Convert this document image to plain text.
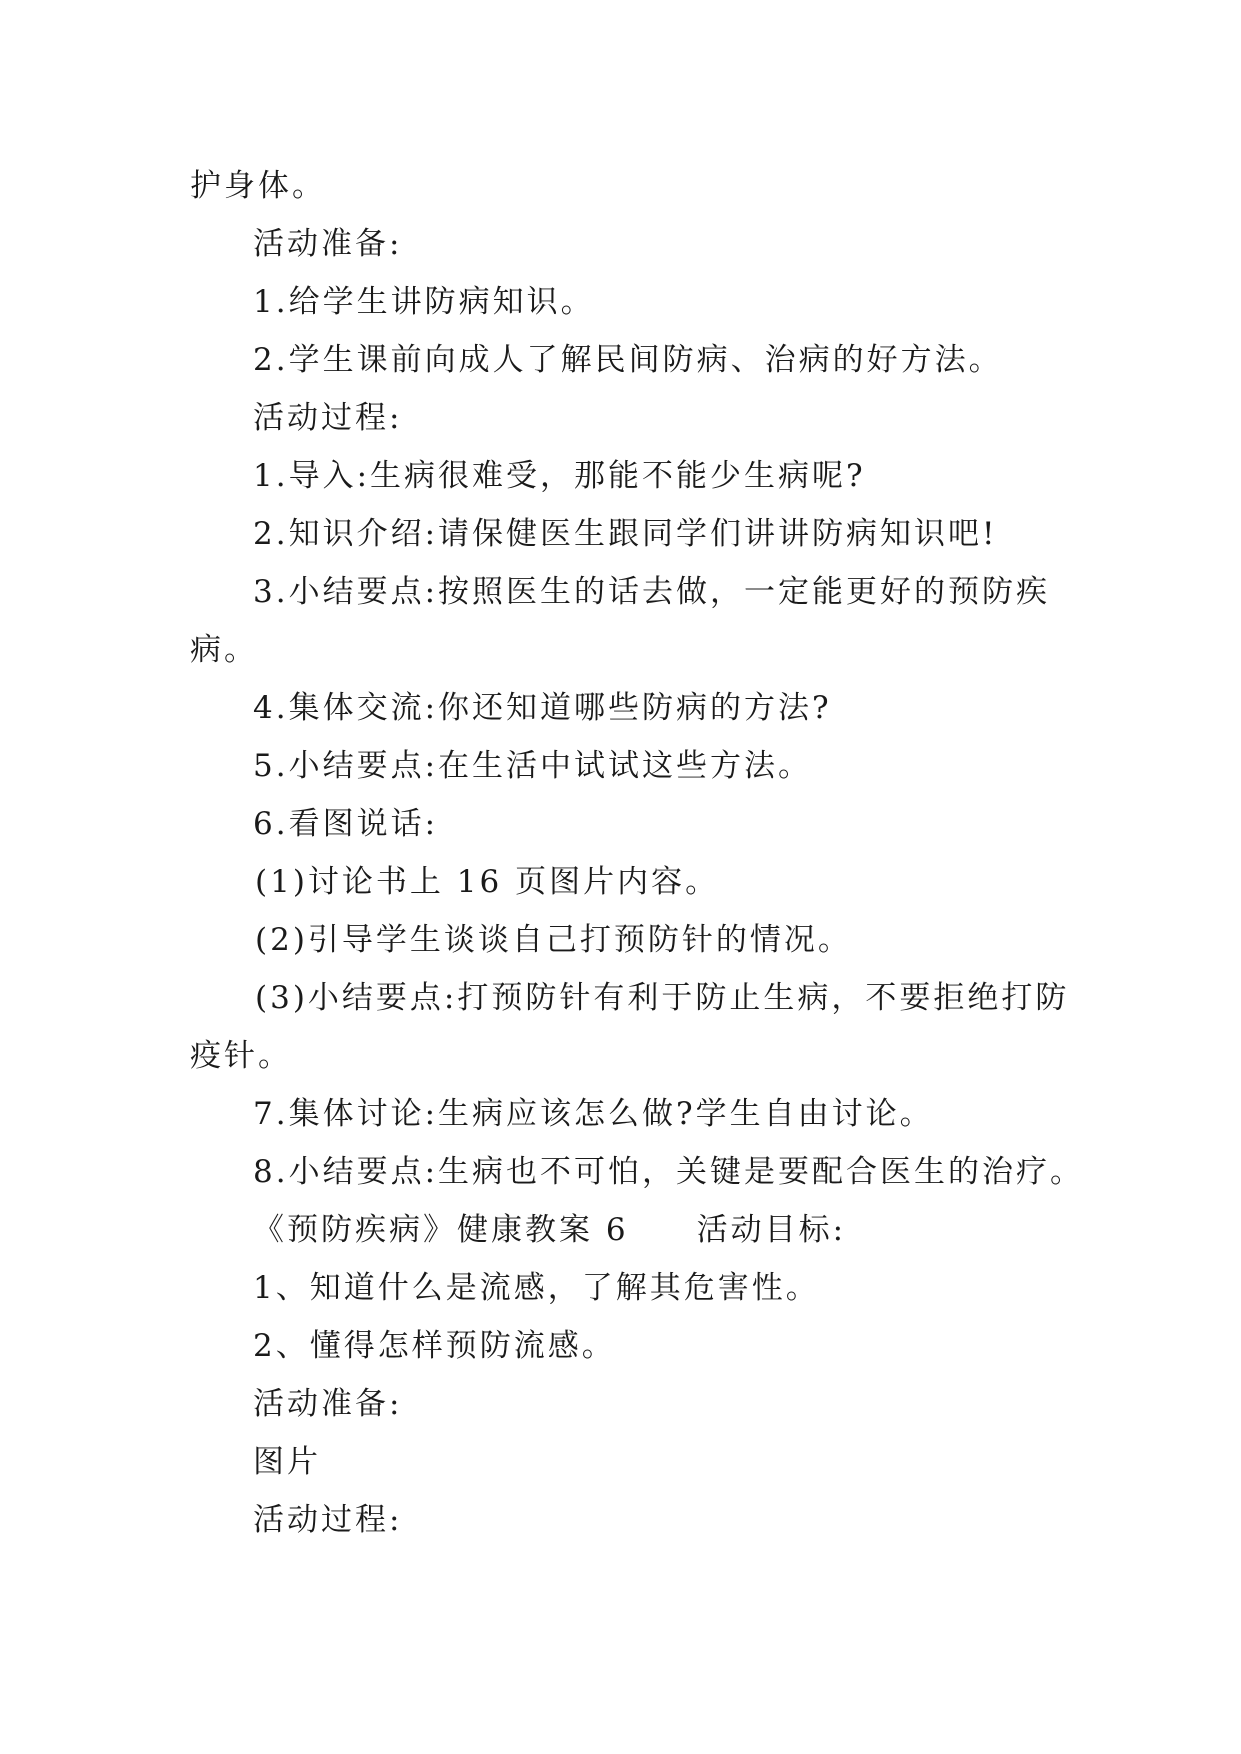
护身体。
活动准备:
1.给学生讲防病知识。
2.学生课前向成人了解民间防病、治病的好方法。
活动过程:
1.导入:生病很难受，那能不能少生病呢?
2.知识介绍:请保健医生跟同学们讲讲防病知识吧!
3.小结要点:按照医生的话去做，一定能更好的预防疾
病。
4.集体交流:你还知道哪些防病的方法?
5.小结要点:在生活中试试这些方法。
6.看图说话:
(1)讨论书上 16 页图片内容。
(2)引导学生谈谈自己打预防针的情况。
(3)小结要点:打预防针有利于防止生病，不要拒绝打防
疫针。
7.集体讨论:生病应该怎么做?学生自由讨论。
8.小结要点:生病也不可怕，关键是要配合医生的治疗。
《预防疾病》健康教案 6　　活动目标:
1、知道什么是流感，了解其危害性。
2、懂得怎样预防流感。
活动准备:
图片
活动过程:
